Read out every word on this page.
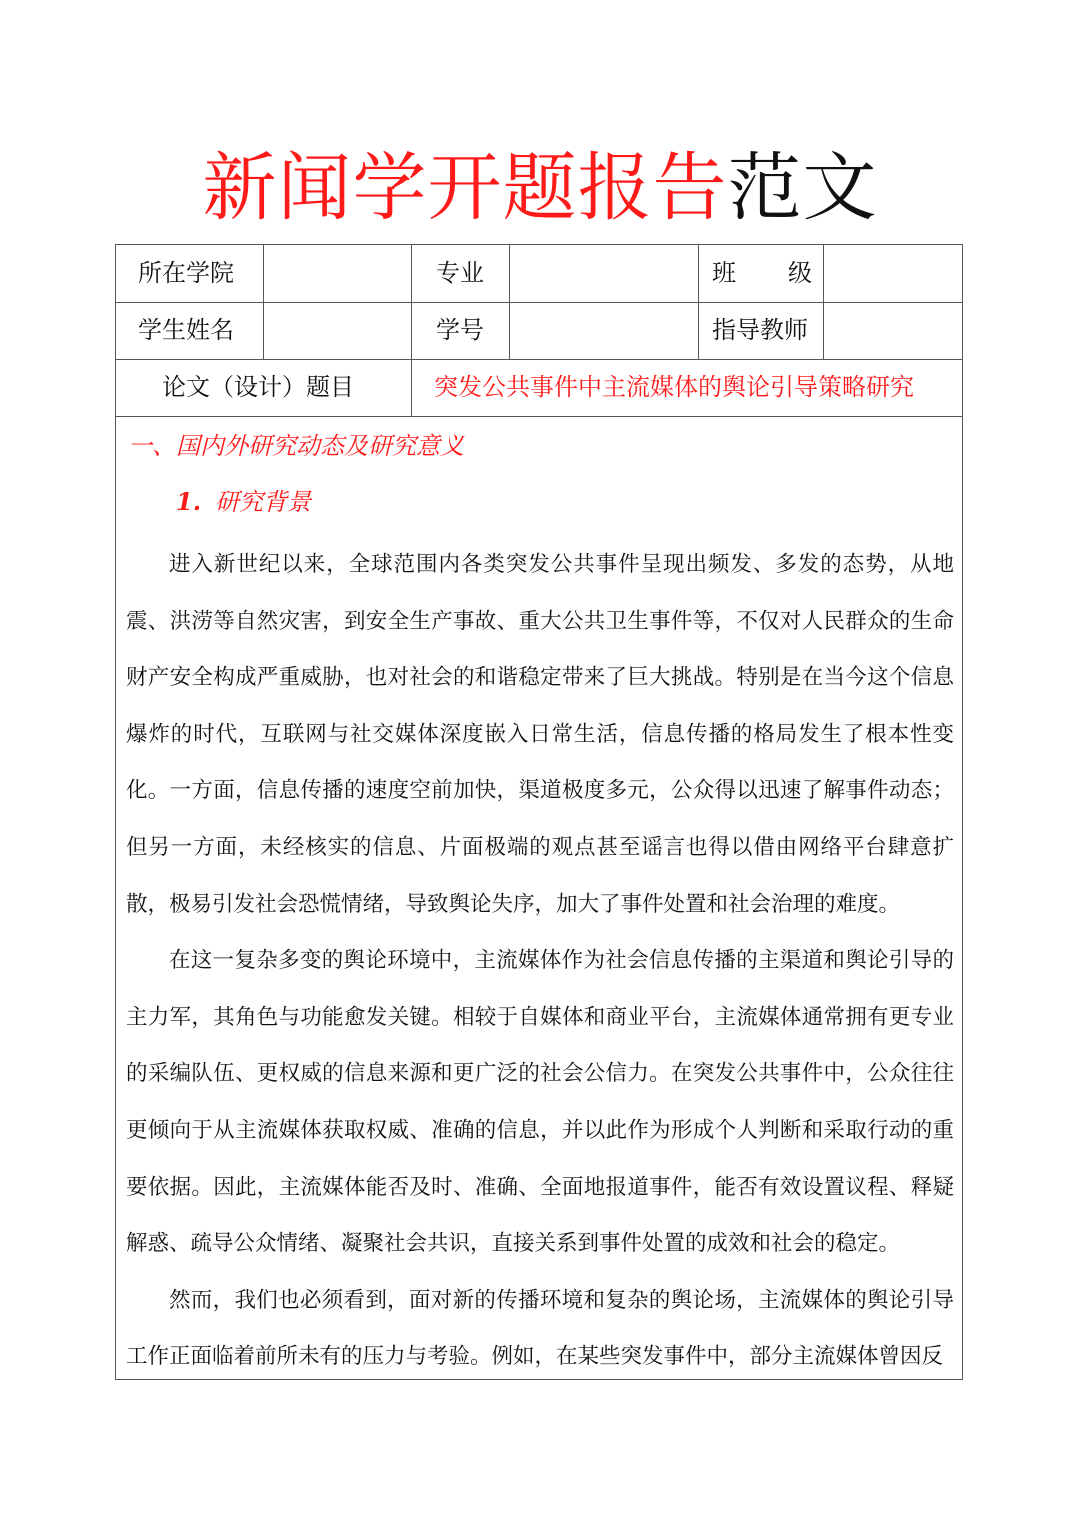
新闻学开题报告范文
所在学院	专业	班 级
学生姓名	学号	指导教师
论文（设计）题目	突发公共事件中主流媒体的舆论引导策略研究
一、国内外研究动态及研究意义
1. 研究背景

进入新世纪以来，全球范围内各类突发公共事件呈现出频发、多发的态势，从地震、洪涝等自然灾害，到安全生产事故、重大公共卫生事件等，不仅对人民群众的生命财产安全构成严重威胁，也对社会的和谐稳定带来了巨大挑战。特别是在当今这个信息爆炸的时代，互联网与社交媒体深度嵌入日常生活，信息传播的格局发生了根本性变化。一方面，信息传播的速度空前加快，渠道极度多元，公众得以迅速了解事件动态；但另一方面，未经核实的信息、片面极端的观点甚至谣言也得以借由网络平台肆意扩散，极易引发社会恐慌情绪，导致舆论失序，加大了事件处置和社会治理的难度。

在这一复杂多变的舆论环境中，主流媒体作为社会信息传播的主渠道和舆论引导的主力军，其角色与功能愈发关键。相较于自媒体和商业平台，主流媒体通常拥有更专业的采编队伍、更权威的信息来源和更广泛的社会公信力。在突发公共事件中，公众往往更倾向于从主流媒体获取权威、准确的信息，并以此作为形成个人判断和采取行动的重要依据。因此，主流媒体能否及时、准确、全面地报道事件，能否有效设置议程、释疑解惑、疏导公众情绪、凝聚社会共识，直接关系到事件处置的成效和社会的稳定。

然而，我们也必须看到，面对新的传播环境和复杂的舆论场，主流媒体的舆论引导工作正面临着前所未有的压力与考验。例如，在某些突发事件中，部分主流媒体曾因反
